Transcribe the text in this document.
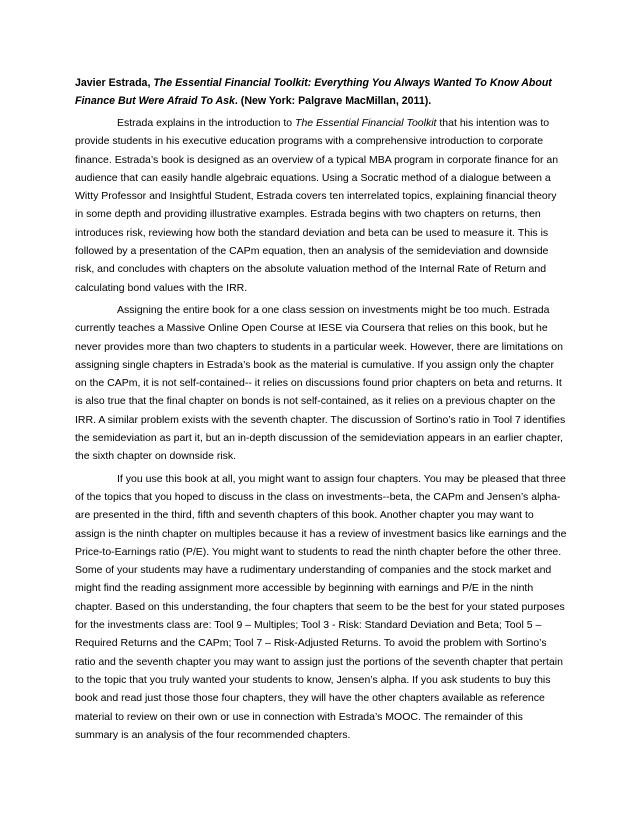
Javier Estrada, The Essential Financial Toolkit: Everything You Always Wanted To Know About Finance But Were Afraid To Ask. (New York: Palgrave MacMillan, 2011).

Estrada explains in the introduction to The Essential Financial Toolkit that his intention was to provide students in his executive education programs with a comprehensive introduction to corporate finance. Estrada’s book is designed as an overview of a typical MBA program in corporate finance for an audience that can easily handle algebraic equations. Using a Socratic method of a dialogue between a Witty Professor and Insightful Student, Estrada covers ten interrelated topics, explaining financial theory in some depth and providing illustrative examples. Estrada begins with two chapters on returns, then introduces risk, reviewing how both the standard deviation and beta can be used to measure it. This is followed by a presentation of the CAPm equation, then an analysis of the semideviation and downside risk, and concludes with chapters on the absolute valuation method of the Internal Rate of Return and calculating bond values with the IRR.

Assigning the entire book for a one class session on investments might be too much. Estrada currently teaches a Massive Online Open Course at IESE via Coursera that relies on this book, but he never provides more than two chapters to students in a particular week. However, there are limitations on assigning single chapters in Estrada’s book as the material is cumulative. If you assign only the chapter on the CAPm, it is not self-contained-- it relies on discussions found prior chapters on beta and returns. It is also true that the final chapter on bonds is not self-contained, as it relies on a previous chapter on the IRR. A similar problem exists with the seventh chapter. The discussion of Sortino’s ratio in Tool 7 identifies the semideviation as part it, but an in-depth discussion of the semideviation appears in an earlier chapter, the sixth chapter on downside risk.

If you use this book at all, you might want to assign four chapters. You may be pleased that three of the topics that you hoped to discuss in the class on investments--beta, the CAPm and Jensen’s alpha- are presented in the third, fifth and seventh chapters of this book. Another chapter you may want to assign is the ninth chapter on multiples because it has a review of investment basics like earnings and the Price-to-Earnings ratio (P/E). You might want to students to read the ninth chapter before the other three. Some of your students may have a rudimentary understanding of companies and the stock market and might find the reading assignment more accessible by beginning with earnings and P/E in the ninth chapter. Based on this understanding, the four chapters that seem to be the best for your stated purposes for the investments class are: Tool 9 – Multiples; Tool 3 - Risk: Standard Deviation and Beta; Tool 5 – Required Returns and the CAPm; Tool 7 – Risk-Adjusted Returns. To avoid the problem with Sortino’s ratio and the seventh chapter you may want to assign just the portions of the seventh chapter that pertain to the topic that you truly wanted your students to know, Jensen’s alpha. If you ask students to buy this book and read just those those four chapters, they will have the other chapters available as reference material to review on their own or use in connection with Estrada’s MOOC. The remainder of this summary is an analysis of the four recommended chapters.
